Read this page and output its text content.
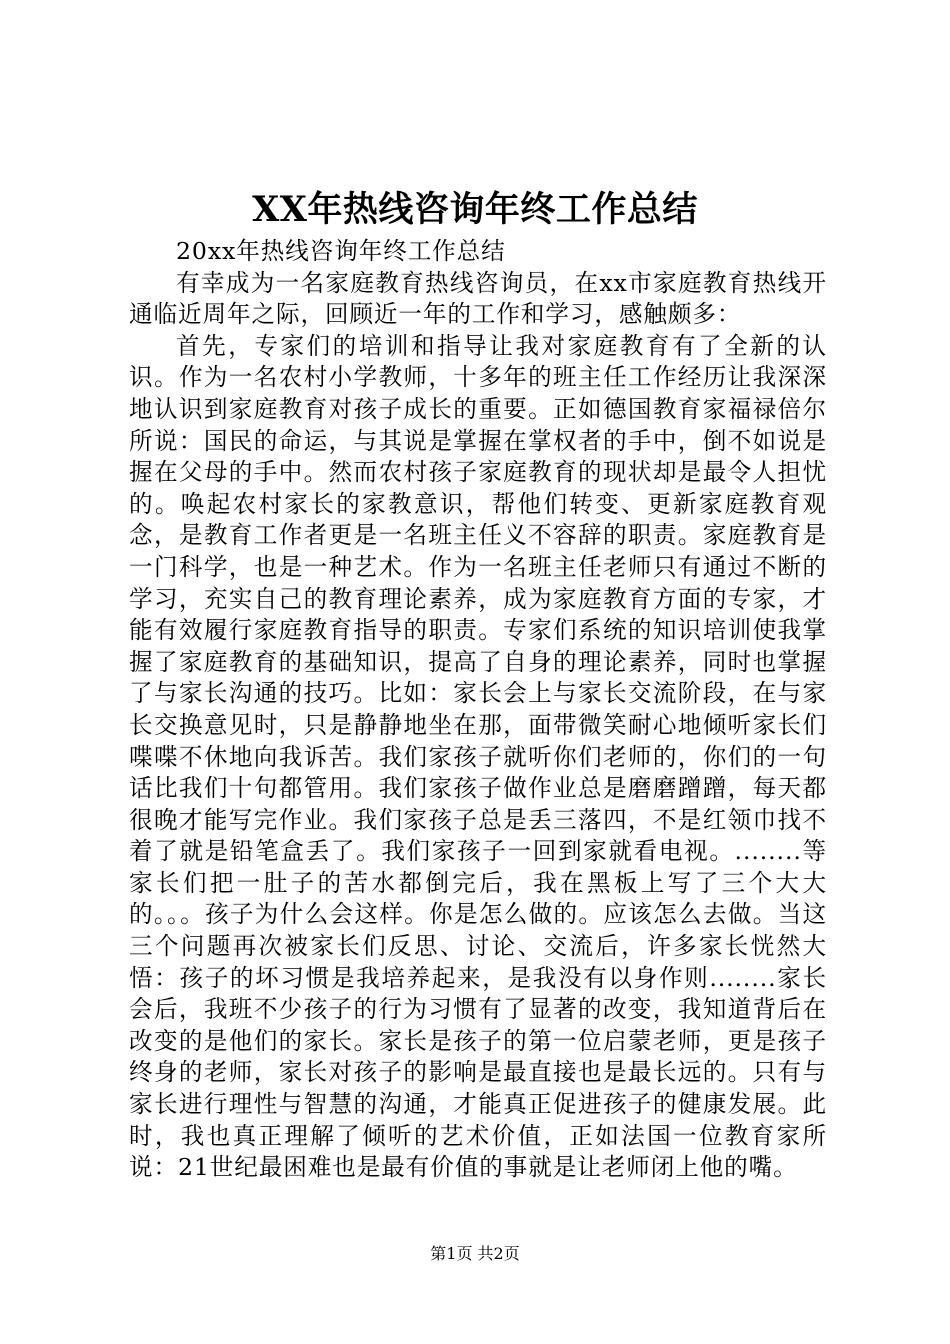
XX年热线咨询年终工作总结

20xx年热线咨询年终工作总结

有幸成为一名家庭教育热线咨询员，在xx市家庭教育热线开通临近周年之际，回顾近一年的工作和学习，感触颇多：

首先，专家们的培训和指导让我对家庭教育有了全新的认识。作为一名农村小学教师，十多年的班主任工作经历让我深深地认识到家庭教育对孩子成长的重要。正如德国教育家福禄倍尔所说：国民的命运，与其说是掌握在掌权者的手中，倒不如说是握在父母的手中。然而农村孩子家庭教育的现状却是最令人担忧的。唤起农村家长的家教意识，帮他们转变、更新家庭教育观念，是教育工作者更是一名班主任义不容辞的职责。家庭教育是一门科学，也是一种艺术。作为一名班主任老师只有通过不断的学习，充实自己的教育理论素养，成为家庭教育方面的专家，才能有效履行家庭教育指导的职责。专家们系统的知识培训使我掌握了家庭教育的基础知识，提高了自身的理论素养，同时也掌握了与家长沟通的技巧。比如：家长会上与家长交流阶段，在与家长交换意见时，只是静静地坐在那，面带微笑耐心地倾听家长们喋喋不休地向我诉苦。我们家孩子就听你们老师的，你们的一句话比我们十句都管用。我们家孩子做作业总是磨磨蹭蹭，每天都很晚才能写完作业。我们家孩子总是丢三落四，不是红领巾找不着了就是铅笔盒丢了。我们家孩子一回到家就看电视。........等家长们把一肚子的苦水都倒完后，我在黑板上写了三个大大的。。。孩子为什么会这样。你是怎么做的。应该怎么去做。当这三个问题再次被家长们反思、讨论、交流后，许多家长恍然大悟：孩子的坏习惯是我培养起来，是我没有以身作则........家长会后，我班不少孩子的行为习惯有了显著的改变，我知道背后在改变的是他们的家长。家长是孩子的第一位启蒙老师，更是孩子终身的老师，家长对孩子的影响是最直接也是最长远的。只有与家长进行理性与智慧的沟通，才能真正促进孩子的健康发展。此时，我也真正理解了倾听的艺术价值，正如法国一位教育家所说：21世纪最困难也是最有价值的事就是让老师闭上他的嘴。

第1页 共2页
